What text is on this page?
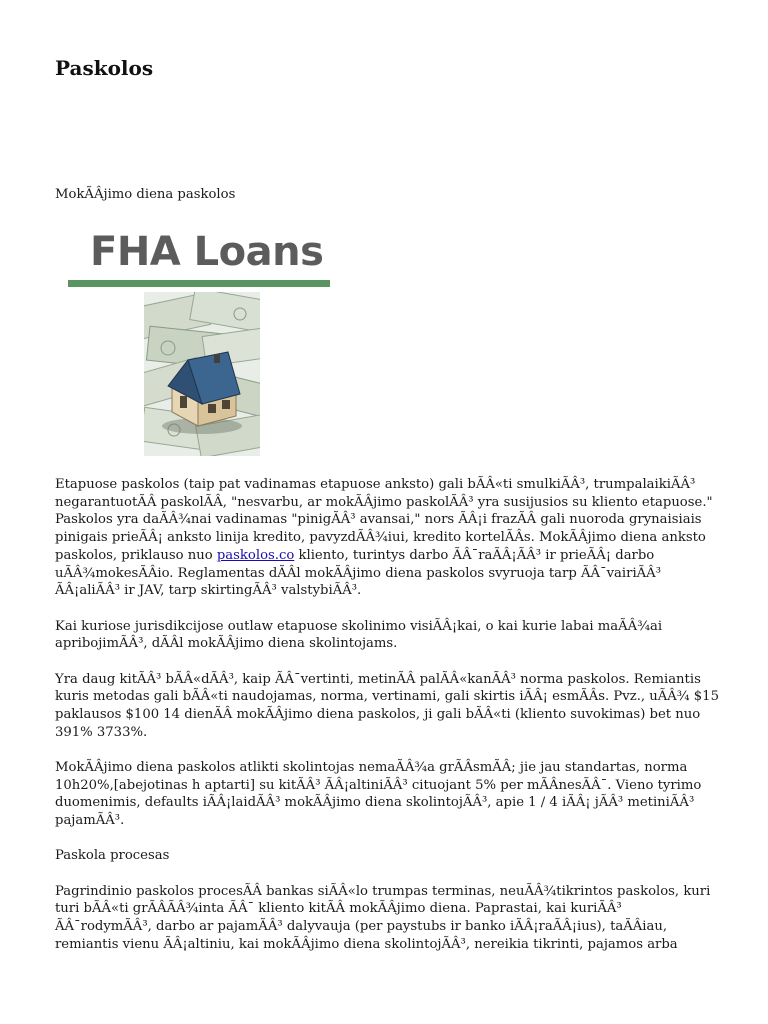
Paskolos

MokÃÂjimo diena paskolos

FHA Loans

Etapuose paskolos (taip pat vadinamas etapuose anksto) gali bÃÂ«ti smulkiÃÂ³, trumpalaikiÃÂ³ negarantuotÃÂ paskolÃÂ, "nesvarbu, ar mokÃÂjimo paskolÃÂ³ yra susijusios su kliento etapuose." Paskolos yra daÃÂ¾nai vadinamas "pinigÃÂ³ avansai," nors ÃÂ¡i frazÃÂ gali nuoroda grynaisiais pinigais prieÃÂ¡ anksto linija kredito, pavyzdÃÂ¾iui, kredito kortelÃÂs. MokÃÂjimo diena anksto paskolos, priklauso nuo paskolos.co kliento, turintys darbo ÃÂ¯raÃÂ¡ÃÂ³ ir prieÃÂ¡ darbo uÃÂ¾mokesÃÂio. Reglamentas dÃÂl mokÃÂjimo diena paskolos svyruoja tarp ÃÂ¯vairiÃÂ³ ÃÂ¡aliÃÂ³ ir JAV, tarp skirtingÃÂ³ valstybiÃÂ³.

Kai kuriose jurisdikcijose outlaw etapuose skolinimo visiÃÂ¡kai, o kai kurie labai maÃÂ¾ai apribojimÃÂ³, dÃÂl mokÃÂjimo diena skolintojams.

Yra daug kitÃÂ³ bÃÂ«dÃÂ³, kaip ÃÂ¯vertinti, metinÃÂ palÃÂ«kanÃÂ³ norma paskolos. Remiantis kuris metodas gali bÃÂ«ti naudojamas, norma, vertinami, gali skirtis iÃÂ¡ esmÃÂs. Pvz., uÃÂ¾ $15 paklausos $100 14 dienÃÂ mokÃÂjimo diena paskolos, ji gali bÃÂ«ti (kliento suvokimas) bet nuo 391% 3733%.

MokÃÂjimo diena paskolos atlikti skolintojas nemaÃÂ¾a grÃÂsmÃÂ; jie jau standartas, norma 10h20%,[abejotinas h aptarti] su kitÃÂ³ ÃÂ¡altiniÃÂ³ cituojant 5% per mÃÂnesÃÂ¯. Vieno tyrimo duomenimis, defaults iÃÂ¡laidÃÂ³ mokÃÂjimo diena skolintojÃÂ³, apie 1 / 4 iÃÂ¡ jÃÂ³ metiniÃÂ³ pajamÃÂ³.

Paskola procesas

Pagrindinio paskolos procesÃÂ bankas siÃÂ«lo trumpas terminas, neuÃÂ¾tikrintos paskolos, kuri turi bÃÂ«ti grÃÂÃÂ¾inta ÃÂ¯ kliento kitÃÂ mokÃÂjimo diena. Paprastai, kai kuriÃÂ³ ÃÂ¯rodymÃÂ³, darbo ar pajamÃÂ³ dalyvauja (per paystubs ir banko iÃÂ¡raÃÂ¡ius), taÃÂiau, remiantis vienu ÃÂ¡altiniu, kai mokÃÂjimo diena skolintojÃÂ³, nereikia tikrinti, pajamos arba
